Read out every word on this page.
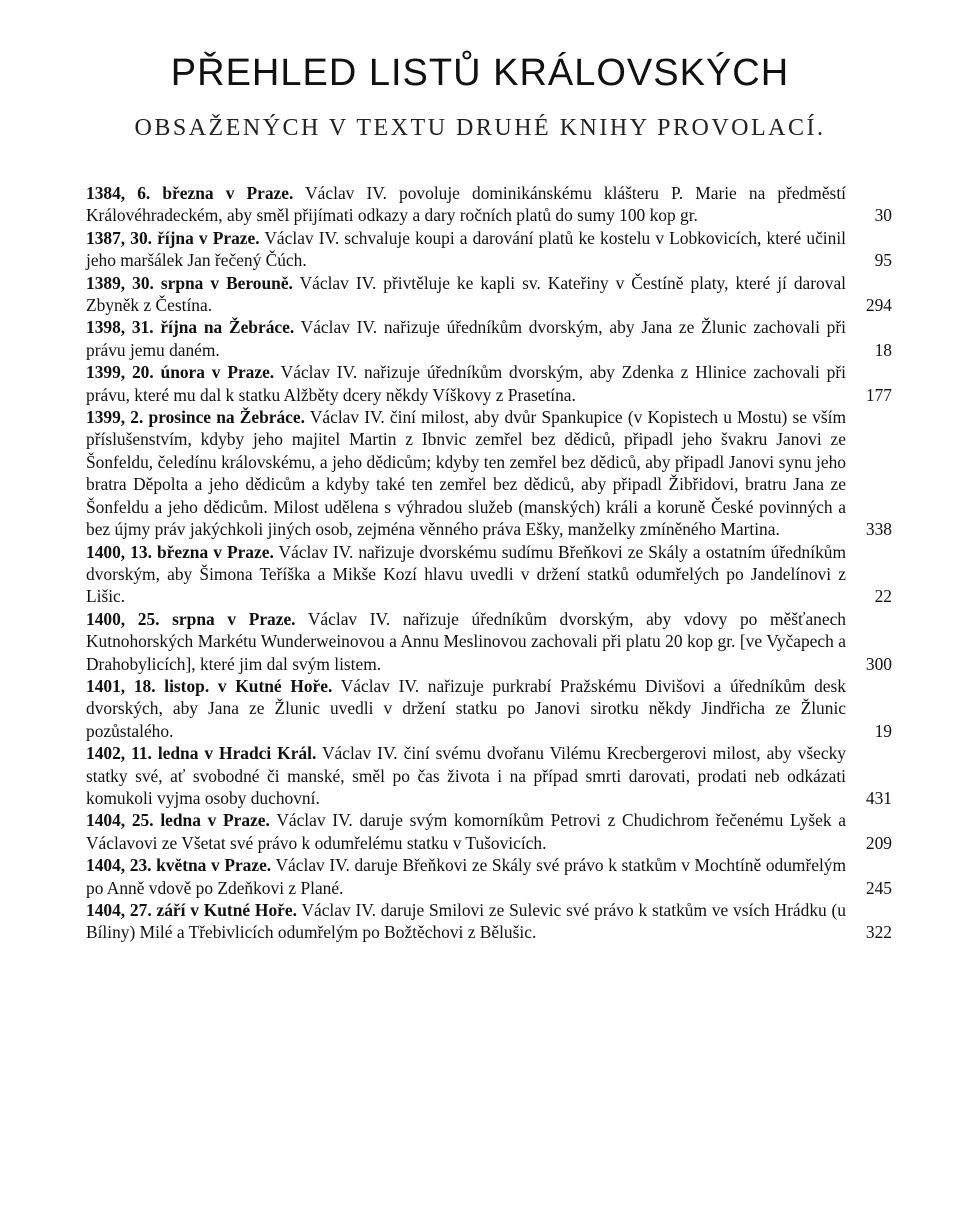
PŘEHLED LISTŮ KRÁLOVSKÝCH
OBSAŽENÝCH V TEXTU DRUHÉ KNIHY PROVOLACÍ.

1384, 6. března v Praze. Václav IV. povoluje dominikánskému klášteru P. Marie na předměstí Královéhradeckém, aby směl přijímati odkazy a dary ročních platů do sumy 100 kop gr.	30

1387, 30. října v Praze. Václav IV. schvaluje koupi a darování platů ke kostelu v Lobkovicích, které učinil jeho maršálek Jan řečený Čúch.	95

1389, 30. srpna v Berouně. Václav IV. přivtěluje ke kapli sv. Kateřiny v Čestíně platy, které jí daroval Zbyněk z Čestína.	294

1398, 31. října na Žebráce. Václav IV. nařizuje úředníkům dvorským, aby Jana ze Žlunic zachovali při právu jemu daném.	18

1399, 20. února v Praze. Václav IV. nařizuje úředníkům dvorským, aby Zdenka z Hlinice zachovali při právu, které mu dal k statku Alžběty dcery někdy Víškovy z Prasetína.	177

1399, 2. prosince na Žebráce. Václav IV. činí milost, aby dvůr Spankupice (v Kopistech u Mostu) se vším příslušenstvím, kdyby jeho majitel Martin z Ibnvic zemřel bez dědiců, připadl jeho švakru Janovi ze Šonfeldu, čeledínu královskému, a jeho dědicům; kdyby ten zemřel bez dědiců, aby připadl Janovi synu jeho bratra Děpolta a jeho dědicům a kdyby také ten zemřel bez dědiců, aby připadl Žibřidovi, bratru Jana ze Šonfeldu a jeho dědicům. Milost udělena s výhradou služeb (manských) králi a koruně České povinných a bez újmy práv jakýchkoli jiných osob, zejména věnného práva Ešky, manželky zmíněného Martina.	338

1400, 13. března v Praze. Václav IV. nařizuje dvorskému sudímu Břeňkovi ze Skály a ostatním úředníkům dvorským, aby Šimona Teříška a Mikše Kozí hlavu uvedli v držení statků odumřelých po Jandelínovi z Lišic.	22

1400, 25. srpna v Praze. Václav IV. nařizuje úředníkům dvorským, aby vdovy po měšťanech Kutnohorských Markétu Wunderweinovou a Annu Meslinovou zachovali při platu 20 kop gr. [ve Vyčapech a Drahobylicích], které jim dal svým listem.	300

1401, 18. listop. v Kutné Hoře. Václav IV. nařizuje purkrabí Pražskému Divišovi a úředníkům desk dvorských, aby Jana ze Žlunic uvedli v držení statku po Janovi sirotku někdy Jindřicha ze Žlunic pozůstalého.	19

1402, 11. ledna v Hradci Král. Václav IV. činí svému dvořanu Vilému Krecbergerovi milost, aby všecky statky své, ať svobodné či manské, směl po čas života i na případ smrti darovati, prodati neb odkázati komukoli vyjma osoby duchovní.	431

1404, 25. ledna v Praze. Václav IV. daruje svým komorníkům Petrovi z Chudichrom řečenému Lyšek a Václavovi ze Všetat své právo k odumřelému statku v Tušovicích.	209

1404, 23. května v Praze. Václav IV. daruje Břeňkovi ze Skály své právo k statkům v Mochtíně odumřelým po Anně vdově po Zdeňkovi z Plané.	245

1404, 27. září v Kutné Hoře. Václav IV. daruje Smilovi ze Sulevic své právo k statkům ve vsích Hrádku (u Bíliny) Milé a Třebivlicích odumřelým po Božtěchovi z Bělušic.	322
